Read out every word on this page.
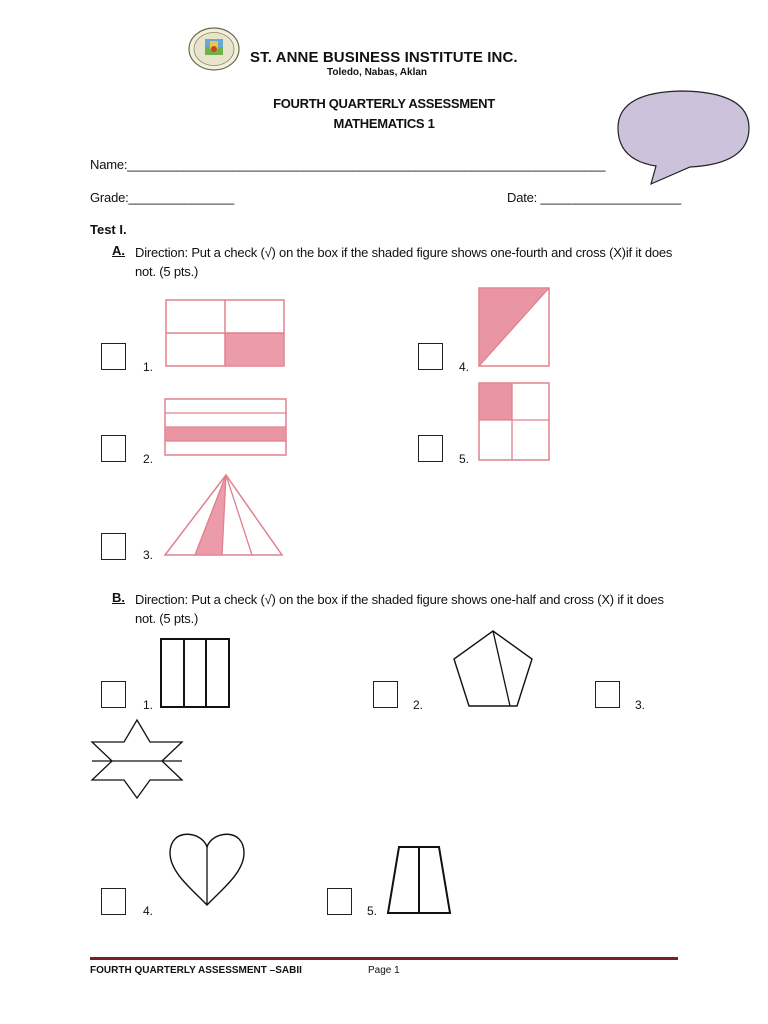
ST. ANNE BUSINESS INSTITUTE INC.
Toledo, Nabas, Aklan
FOURTH QUARTERLY ASSESSMENT
MATHEMATICS 1
Name:____________________________________________________________________
Grade:_______________	Date: ____________________
Test I.
A. Direction: Put a check (√) on the box if the shaded figure shows one-fourth and cross (X)if it does not. (5 pts.)
1.
2.
3.
4.
5.
B. Direction: Put a check (√) on the box if the shaded figure shows one-half and cross (X) if it does not. (5 pts.)
1.	2.	3.
4.	5.
FOURTH QUARTERLY ASSESSMENT –SABII	Page 1
